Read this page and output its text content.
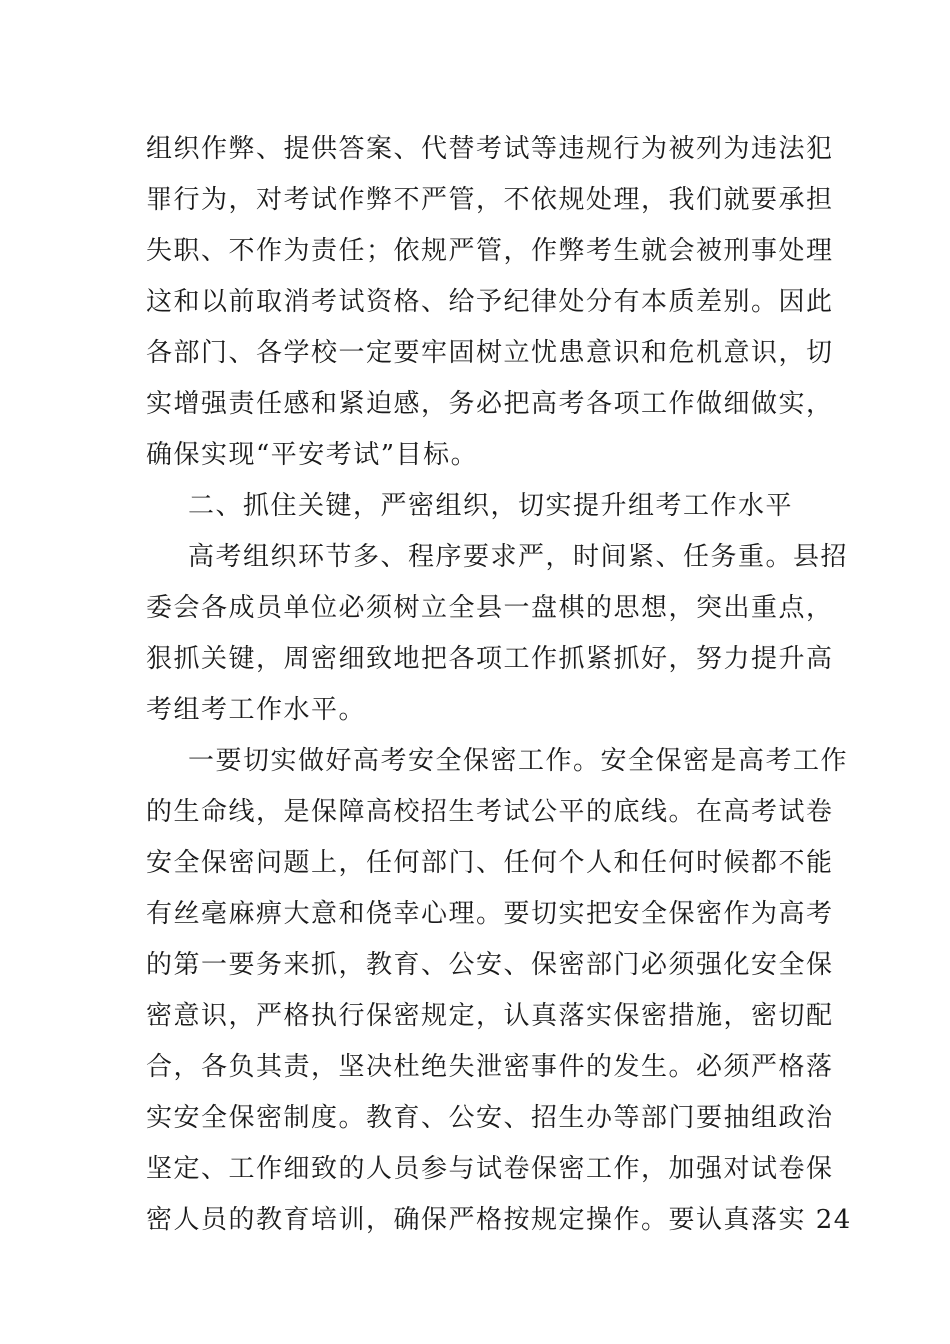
组织作弊、提供答案、代替考试等违规行为被列为违法犯
罪行为，对考试作弊不严管，不依规处理，我们就要承担
失职、不作为责任；依规严管，作弊考生就会被刑事处理
这和以前取消考试资格、给予纪律处分有本质差别。因此
各部门、各学校一定要牢固树立忧患意识和危机意识，切
实增强责任感和紧迫感，务必把高考各项工作做细做实，
确保实现“平安考试”目标。
二、抓住关键，严密组织，切实提升组考工作水平
高考组织环节多、程序要求严，时间紧、任务重。县招
委会各成员单位必须树立全县一盘棋的思想，突出重点，
狠抓关键，周密细致地把各项工作抓紧抓好，努力提升高
考组考工作水平。
一要切实做好高考安全保密工作。安全保密是高考工作
的生命线，是保障高校招生考试公平的底线。在高考试卷
安全保密问题上，任何部门、任何个人和任何时候都不能
有丝毫麻痹大意和侥幸心理。要切实把安全保密作为高考
的第一要务来抓，教育、公安、保密部门必须强化安全保
密意识，严格执行保密规定，认真落实保密措施，密切配
合，各负其责，坚决杜绝失泄密事件的发生。必须严格落
实安全保密制度。教育、公安、招生办等部门要抽组政治
坚定、工作细致的人员参与试卷保密工作，加强对试卷保
密人员的教育培训，确保严格按规定操作。要认真落实 24
